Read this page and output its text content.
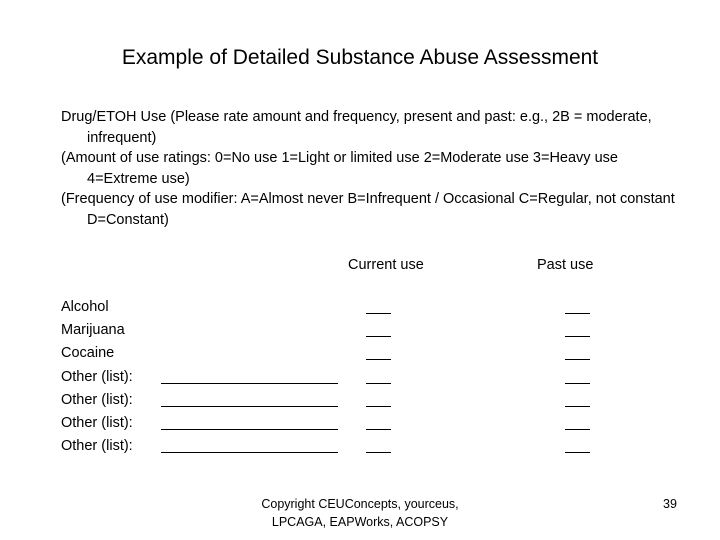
Example of Detailed Substance Abuse Assessment

Drug/ETOH Use (Please rate amount and frequency, present and past: e.g., 2B = moderate, infrequent)

(Amount of use ratings: 0=No use 1=Light or limited use 2=Moderate use 3=Heavy use 4=Extreme use)

(Frequency of use modifier: A=Almost never B=Infrequent / Occasional C=Regular, not constant D=Constant)

Current use	Past use
Alcohol
Marijuana
Cocaine
Other (list):
Other (list):
Other (list):
Other (list):
Copyright CEUConcepts, yourceus, LPCAGA, EAPWorks, ACOPSY
39
